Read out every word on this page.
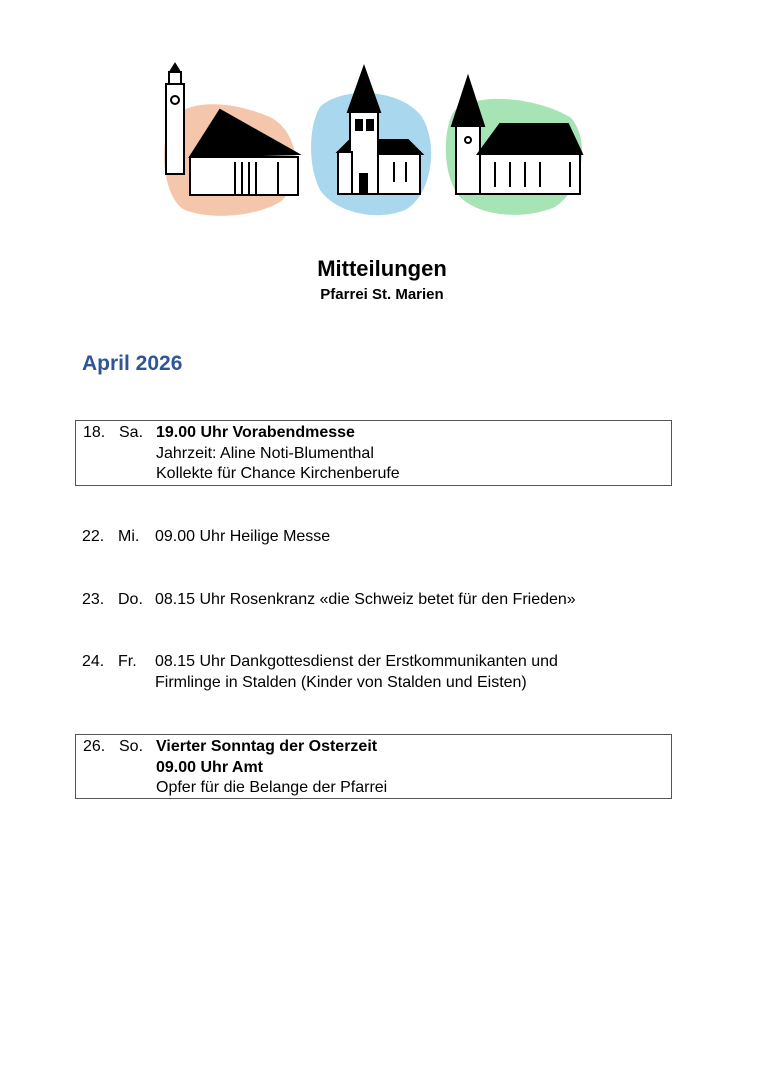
Mitteilungen
Pfarrei St. Marien
April 2026
18. Sa. 19.00 Uhr Vorabendmesse
Jahrzeit: Aline Noti-Blumenthal
Kollekte für Chance Kirchenberufe
22. Mi. 09.00 Uhr Heilige Messe
23. Do. 08.15 Uhr Rosenkranz «die Schweiz betet für den Frieden»
24. Fr. 08.15 Uhr Dankgottesdienst der Erstkommunikanten und
Firmlinge in Stalden (Kinder von Stalden und Eisten)
26. So. Vierter Sonntag der Osterzeit
09.00 Uhr Amt
Opfer für die Belange der Pfarrei
